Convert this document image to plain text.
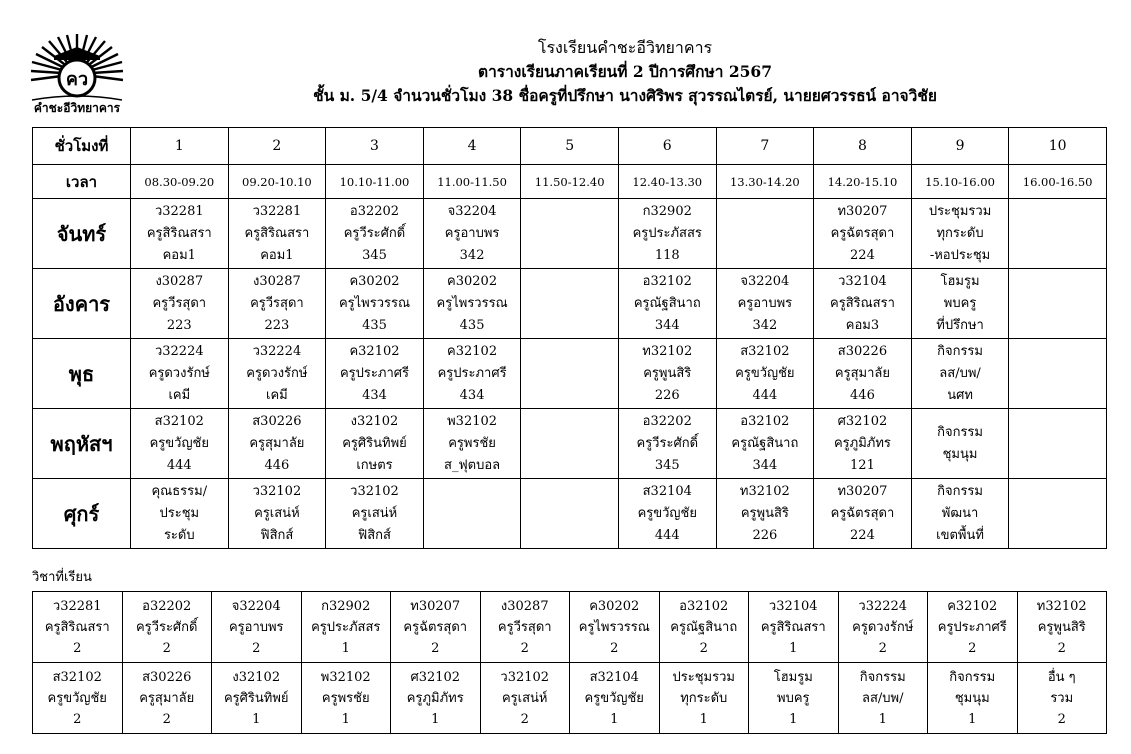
คว
คำชะอีวิทยาคาร
โรงเรียนคำชะอีวิทยาคาร
ตารางเรียนภาคเรียนที่ 2 ปีการศึกษา 2567
ชั้น ม. 5/4 จำนวนชั่วโมง 38 ชื่อครูที่ปรึกษา นางศิริพร สุวรรณไตรย์, นายยศวรรธน์ อาจวิชัย
ชั่วโมงที่	1	2	3	4	5	6	7	8	9	10
เวลา	08.30-09.20	09.20-10.10	10.10-11.00	11.00-11.50	11.50-12.40	12.40-13.30	13.30-14.20	14.20-15.10	15.10-16.00	16.00-16.50
จันทร์	ว32281
ครูสิริณสรา
คอม1	ว32281
ครูสิริณสรา
คอม1	อ32202
ครูวีระศักดิ์
345	จ32204
ครูอาบพร
342		ก32902
ครูประภัสสร
118		ท30207
ครูฉัตรสุดา
224	ประชุมรวม
ทุกระดับ
-หอประชุม	

อังคาร	ง30287
ครูวีรสุดา
223	ง30287
ครูวีรสุดา
223	ค30202
ครูไพรวรรณ
435	ค30202
ครูไพรวรรณ
435		อ32102
ครูณัฐสินาถ
344	จ32204
ครูอาบพร
342	ว32104
ครูสิริณสรา
คอม3	โฮมรูม
พบครู
ที่ปรึกษา	

พุธ	ว32224
ครูดวงรักษ์
เคมี	ว32224
ครูดวงรักษ์
เคมี	ค32102
ครูประภาศรี
434	ค32102
ครูประภาศรี
434		ท32102
ครูพูนสิริ
226	ส32102
ครูขวัญชัย
444	ส30226
ครูสุมาลัย
446	กิจกรรม
ลส/บพ/
นศท	

พฤหัสฯ	ส32102
ครูขวัญชัย
444	ส30226
ครูสุมาลัย
446	ง32102
ครูศิรินทิพย์
เกษตร	พ32102
ครูพรชัย
ส_ฟุตบอล		อ32202
ครูวีระศักดิ์
345	อ32102
ครูณัฐสินาถ
344	ศ32102
ครูภูมิภัทร
121	กิจกรรม
ชุมนุม	

ศุกร์	คุณธรรม/
ประชุม
ระดับ	ว32102
ครูเสน่ห์
ฟิสิกส์	ว32102
ครูเสน่ห์
ฟิสิกส์			ส32104
ครูขวัญชัย
444	ท32102
ครูพูนสิริ
226	ท30207
ครูฉัตรสุดา
224	กิจกรรม
พัฒนา
เขตพื้นที่	

วิชาที่เรียน
ว32281
ครูสิริณสรา
2	อ32202
ครูวีระศักดิ์
2	จ32204
ครูอาบพร
2	ก32902
ครูประภัสสร
1	ท30207
ครูฉัตรสุดา
2	ง30287
ครูวีรสุดา
2	ค30202
ครูไพรวรรณ
2	อ32102
ครูณัฐสินาถ
2	ว32104
ครูสิริณสรา
1	ว32224
ครูดวงรักษ์
2	ค32102
ครูประภาศรี
2	ท32102
ครูพูนสิริ
2

ส32102
ครูขวัญชัย
2	ส30226
ครูสุมาลัย
2	ง32102
ครูศิรินทิพย์
1	พ32102
ครูพรชัย
1	ศ32102
ครูภูมิภัทร
1	ว32102
ครูเสน่ห์
2	ส32104
ครูขวัญชัย
1	ประชุมรวม
ทุกระดับ
1	โฮมรูม
พบครู
1	กิจกรรม
ลส/บพ/
1	กิจกรรม
ชุมนุม
1	อื่น ๆ
รวม
2
